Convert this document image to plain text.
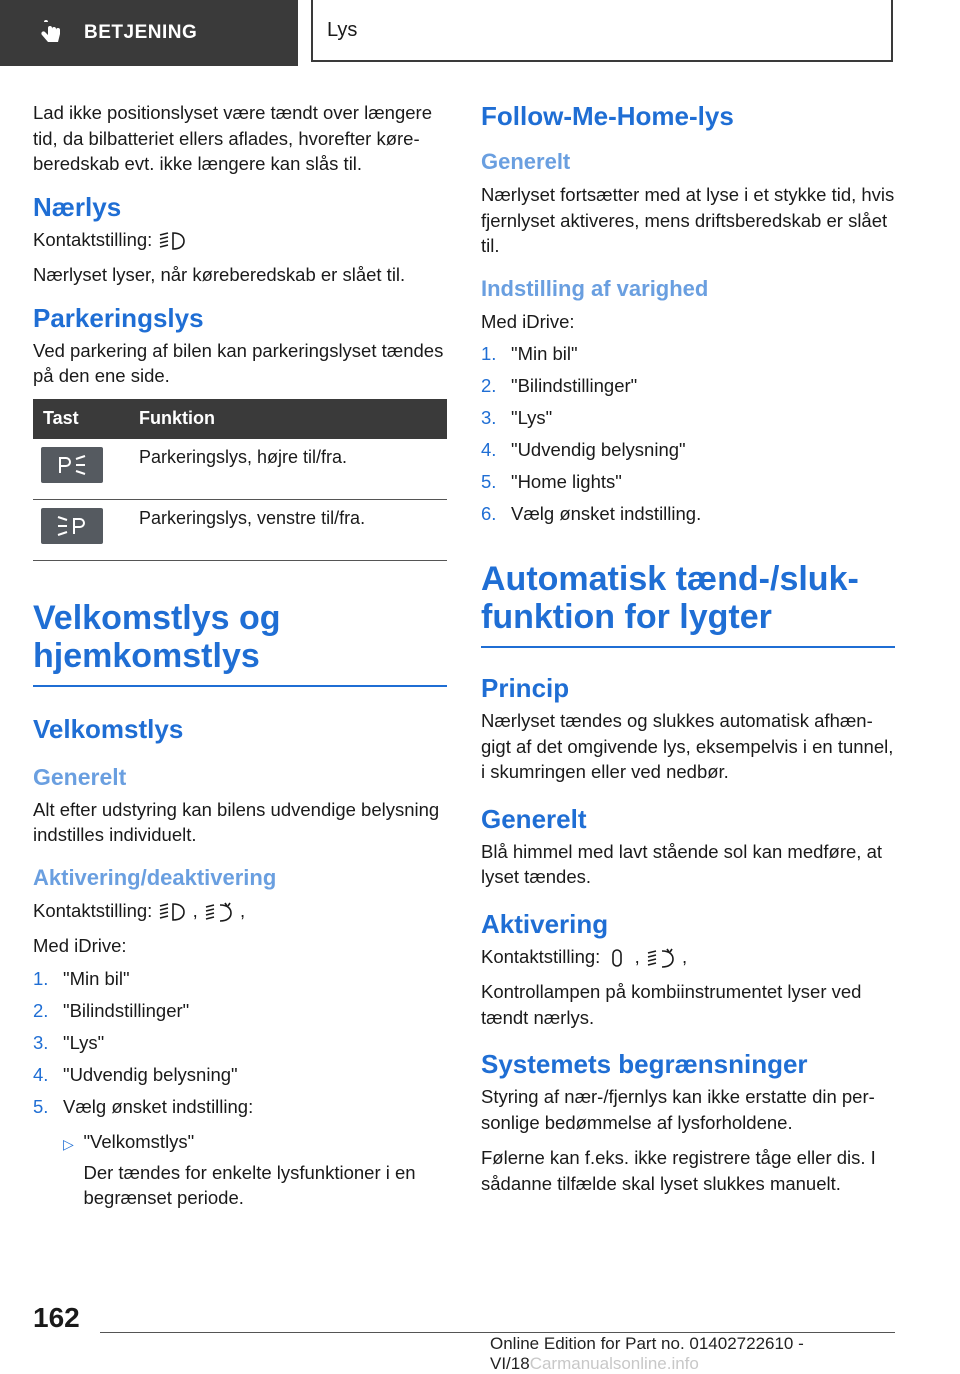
BETJENING	Lys

Lad ikke positionslyset være tændt over længere tid, da bilbatteriet ellers aflades, hvorefter køreberedskab evt. ikke længere kan slås til.

Nærlys

Kontaktstilling:

Nærlyset lyser, når køreberedskab er slået til.

Parkeringslys

Ved parkering af bilen kan parkeringslyset tændes på den ene side.

Tast	Funktion

	Parkeringslys, højre til/fra.

	Parkeringslys, venstre til/fra.
Velkomstlys og hjemkomstlys
Velkomstlys
Generelt

Alt efter udstyring kan bilens udvendige belysning indstilles individuelt.

Aktivering/deaktivering

Kontaktstilling: , ,

Med iDrive:

1. "Min bil"
2. "Bilindstillinger"
3. "Lys"
4. "Udvendig belysning"
5. Vælg ønsket indstilling:
▷ "Velkomstlys"
Der tændes for enkelte lysfunktioner i en begrænset periode.
Follow-Me-Home-lys
Generelt

Nærlyset fortsætter med at lyse i et stykke tid, hvis fjernlyset aktiveres, mens driftsberedskab er slået til.

Indstilling af varighed

Med iDrive:

1. "Min bil"
2. "Bilindstillinger"
3. "Lys"
4. "Udvendig belysning"
5. "Home lights"
6. Vælg ønsket indstilling.
Automatisk tænd-/slukfunktion for lygter
Princip

Nærlyset tændes og slukkes automatisk afhængigt af det omgivende lys, eksempelvis i en tunnel, i skumringen eller ved nedbør.

Generelt

Blå himmel med lavt stående sol kan medføre, at lyset tændes.

Aktivering

Kontaktstilling: , ,

Kontrollampen på kombiinstrumentet lyser ved tændt nærlys.

Systemets begrænsninger

Styring af nær-/fjernlys kan ikke erstatte din personlige bedømmelse af lysforholdene.

Følerne kan f.eks. ikke registrere tåge eller dis. I sådanne tilfælde skal lyset slukkes manuelt.

162
Online Edition for Part no. 01402722610 - VI/18Carmanualsonline.info
